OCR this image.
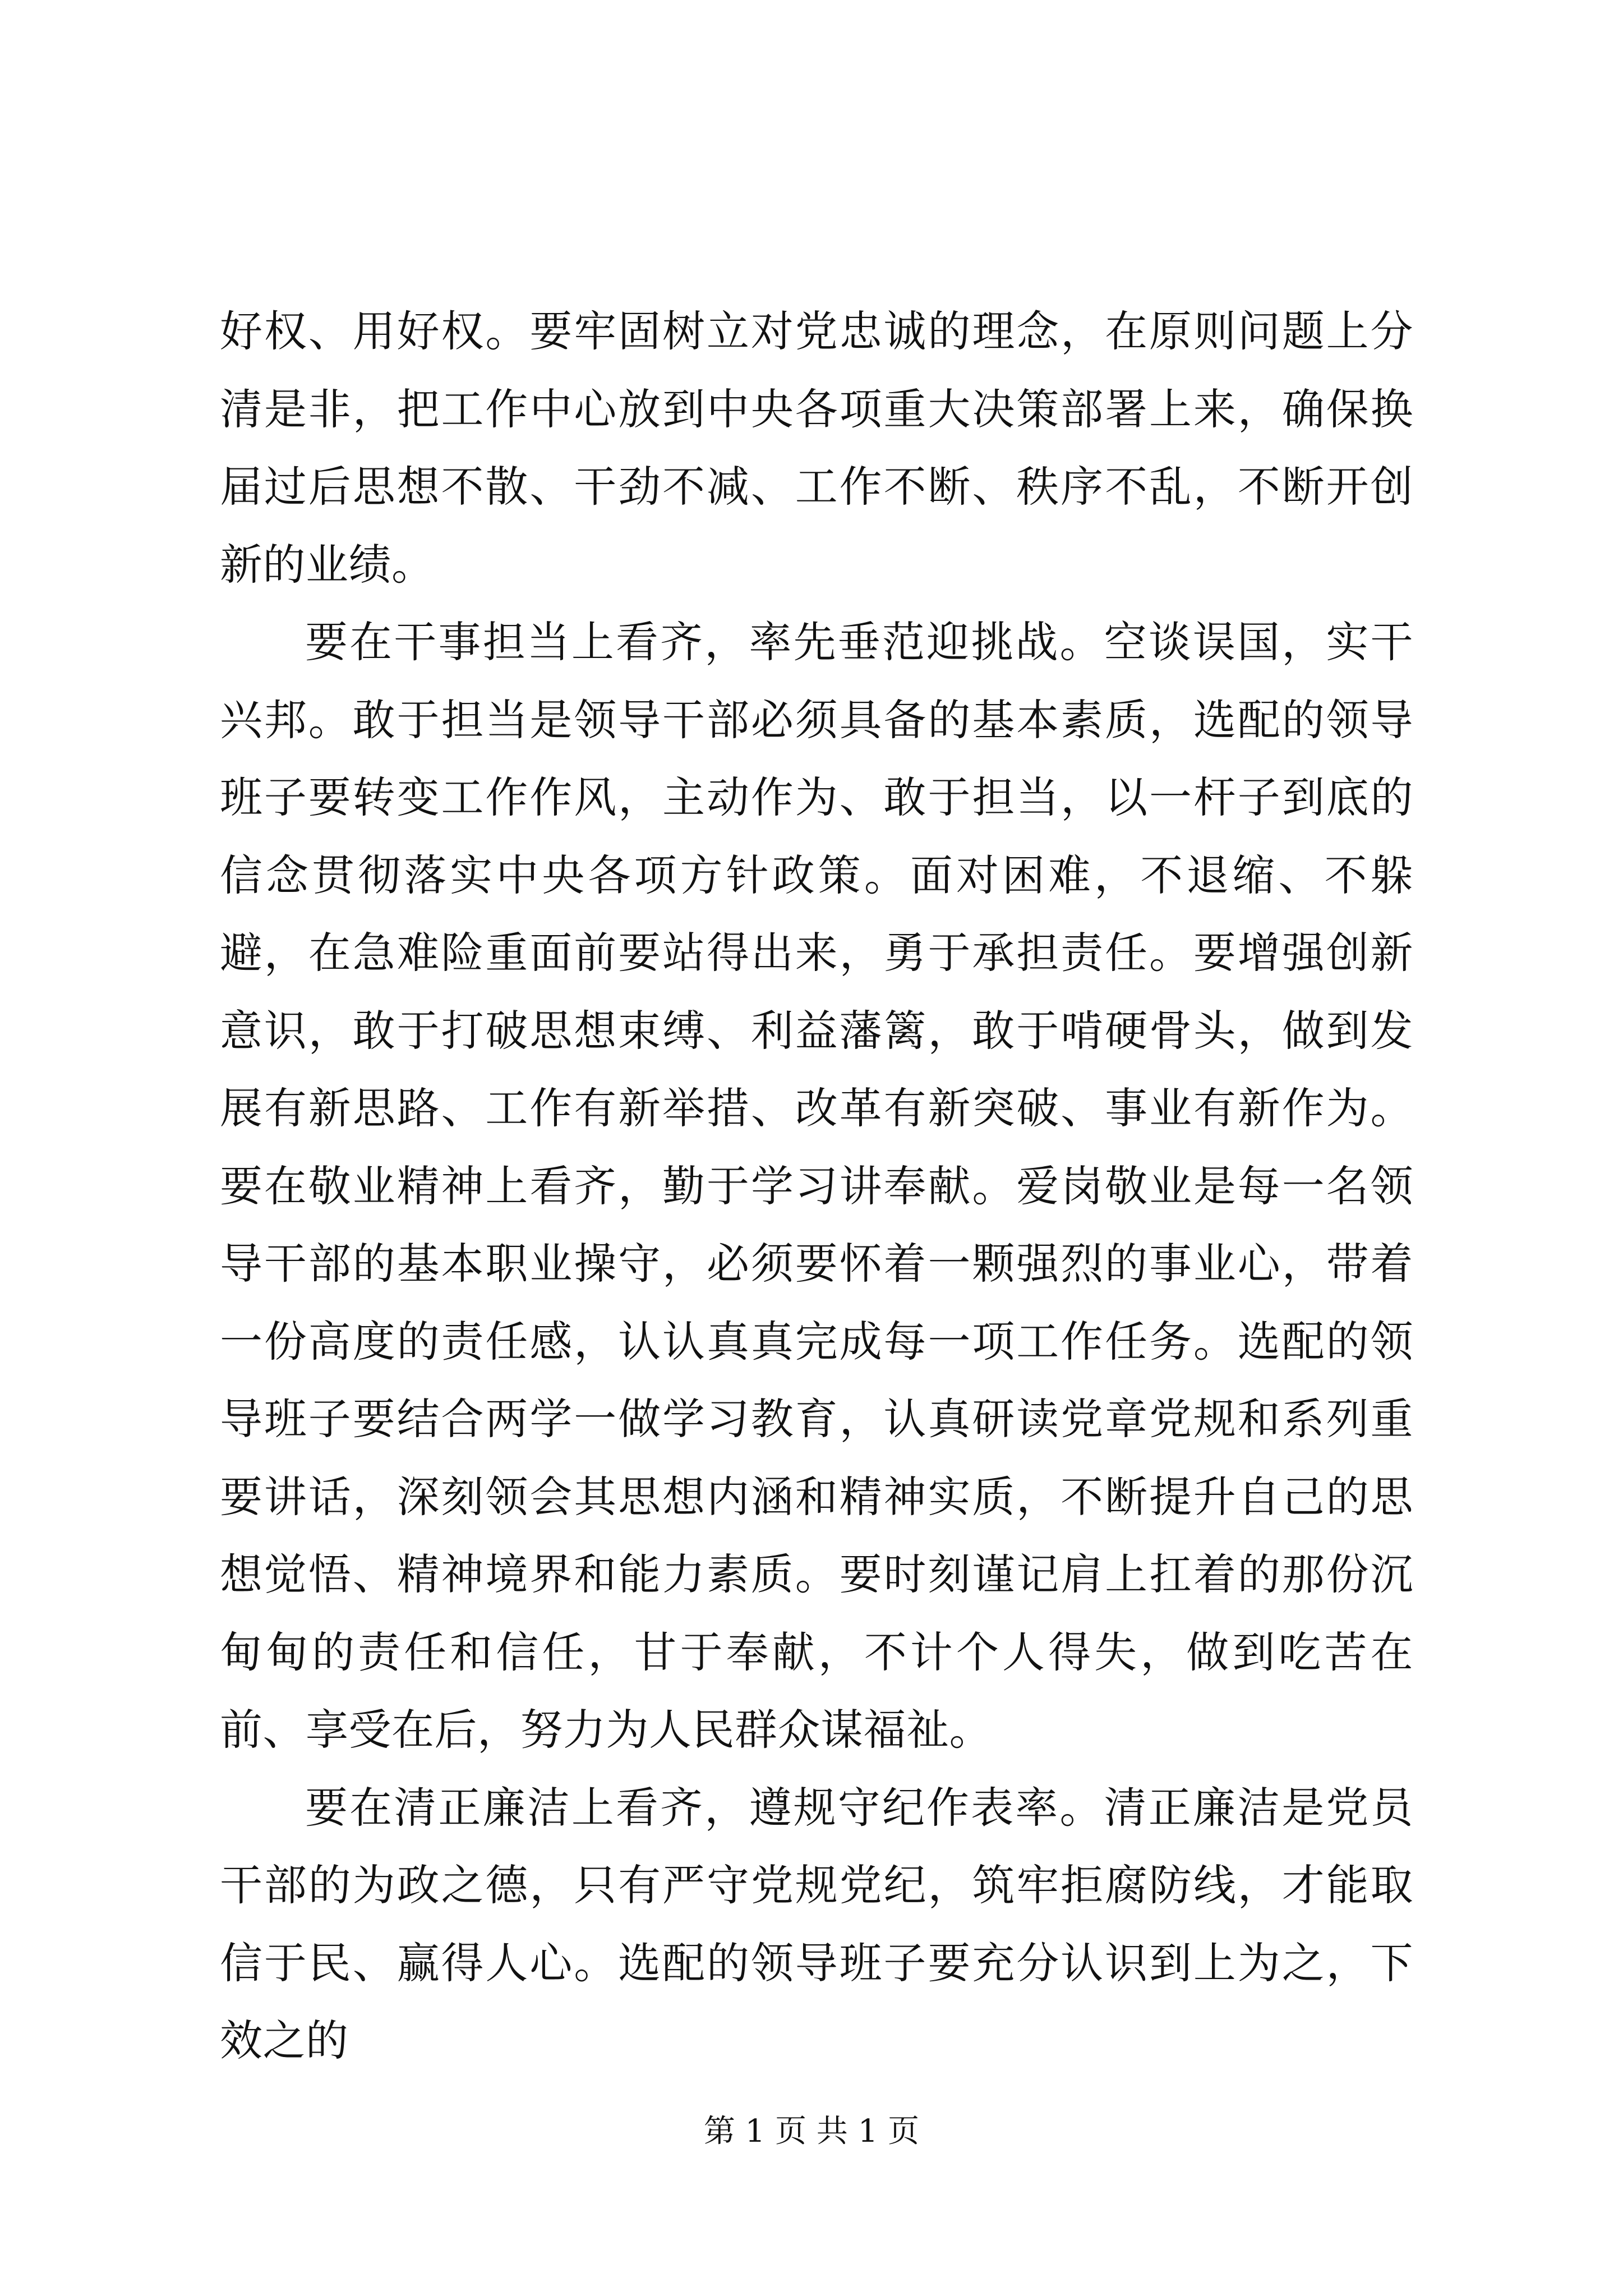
好权、用好权。要牢固树立对党忠诚的理念，在原则问题上分清是非，把工作中心放到中央各项重大决策部署上来，确保换届过后思想不散、干劲不减、工作不断、秩序不乱，不断开创新的业绩。

要在干事担当上看齐，率先垂范迎挑战。空谈误国，实干兴邦。敢于担当是领导干部必须具备的基本素质，选配的领导班子要转变工作作风，主动作为、敢于担当，以一杆子到底的信念贯彻落实中央各项方针政策。面对困难，不退缩、不躲避，在急难险重面前要站得出来，勇于承担责任。要增强创新意识，敢于打破思想束缚、利益藩篱，敢于啃硬骨头，做到发展有新思路、工作有新举措、改革有新突破、事业有新作为。要在敬业精神上看齐，勤于学习讲奉献。爱岗敬业是每一名领导干部的基本职业操守，必须要怀着一颗强烈的事业心，带着一份高度的责任感，认认真真完成每一项工作任务。选配的领导班子要结合两学一做学习教育，认真研读党章党规和系列重要讲话，深刻领会其思想内涵和精神实质，不断提升自己的思想觉悟、精神境界和能力素质。要时刻谨记肩上扛着的那份沉甸甸的责任和信任，甘于奉献，不计个人得失，做到吃苦在前、享受在后，努力为人民群众谋福祉。

要在清正廉洁上看齐，遵规守纪作表率。清正廉洁是党员干部的为政之德，只有严守党规党纪，筑牢拒腐防线，才能取信于民、赢得人心。选配的领导班子要充分认识到上为之，下效之的

第 1 页 共 1 页
